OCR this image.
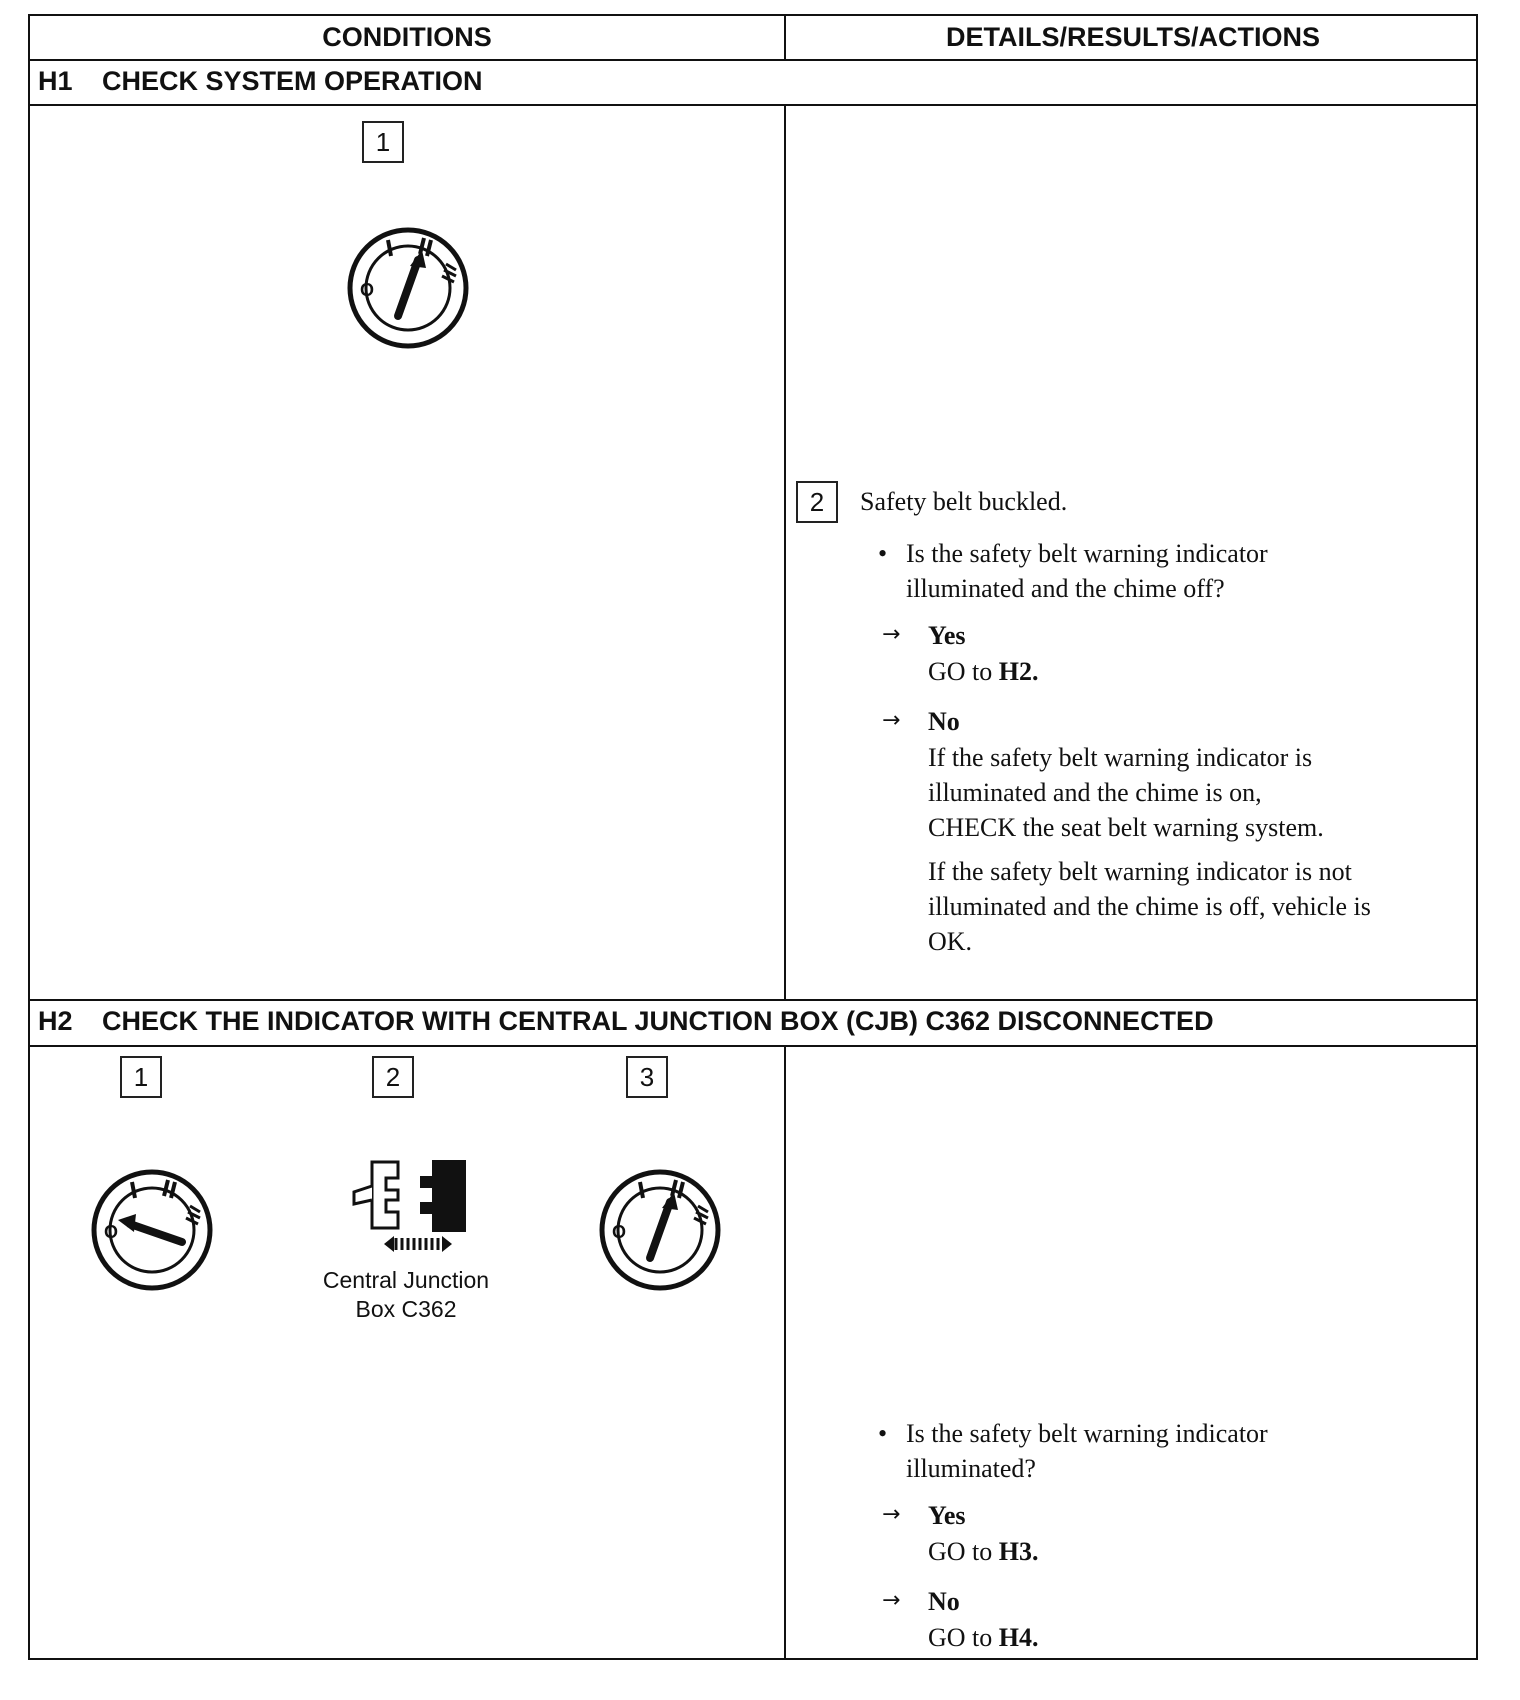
CONDITIONS	DETAILS/RESULTS/ACTIONS
H1 CHECK SYSTEM OPERATION
1
O
2	Safety belt buckled.
• Is the safety belt warning indicator
illuminated and the chime off?
→ Yes
GO to H2.
→ No
If the safety belt warning indicator is
illuminated and the chime is on,
CHECK the seat belt warning system.
If the safety belt warning indicator is not
illuminated and the chime is off, vehicle is
OK.
H2 CHECK THE INDICATOR WITH CENTRAL JUNCTION BOX (CJB) C362 DISCONNECTED
1	2	3
O
Central Junction
Box C362
O
• Is the safety belt warning indicator
illuminated?
→ Yes
GO to H3.
→ No
GO to H4.
